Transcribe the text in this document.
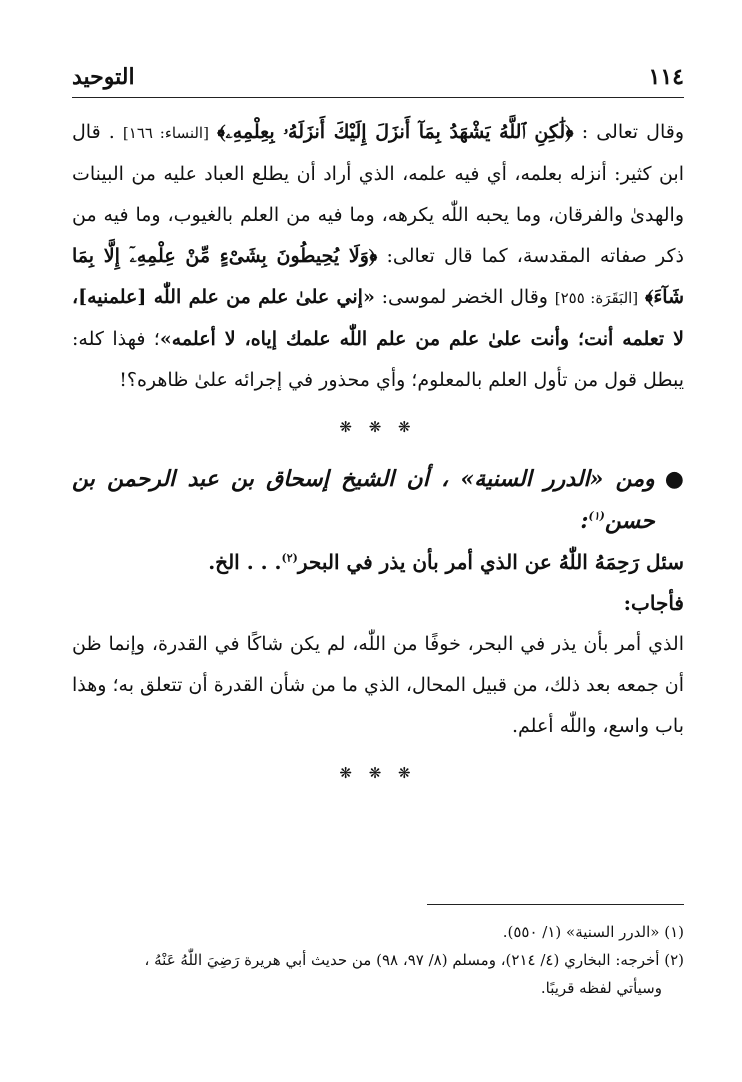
١١٤
التوحيد

وقال تعالى : ﴿لَٰكِنِ ٱللَّهُ يَشْهَدُ بِمَآ أَنزَلَ إِلَيْكَ أَنزَلَهُۥ بِعِلْمِهِۦ﴾ [النساء: ١٦٦] . قال ابن كثير: أنزله بعلمه، أي فيه علمه، الذي أراد أن يطلع العباد عليه من البينات والهدىٰ والفرقان، وما يحبه اللّٰه يكرهه، وما فيه من العلم بالغيوب، وما فيه من ذكر صفاته المقدسة، كما قال تعالى: ﴿وَلَا يُحِيطُونَ بِشَىْءٍ مِّنْ عِلْمِهِۦٓ إِلَّا بِمَا شَآءَ﴾ [البَقَرَة: ٢٥٥] وقال الخضر لموسى: «إني علىٰ علم من علم اللّٰه [علمنيه]، لا تعلمه أنت؛ وأنت علىٰ علم من علم اللّٰه علمك إياه، لا أعلمه»؛ فهذا كله: يبطل قول من تأول العلم بالمعلوم؛ وأي محذور في إجرائه علىٰ ظاهره؟!

❋ ❋ ❋
●
ومن «الدرر السنية» ، أن الشيخ إسحاق بن عبد الرحمن بن حسن$^{(١)}$:

سئل رَحِمَهُ اللّٰهُ عن الذي أمر بأن يذر في البحر$^{(٢)}$. . . الخ.

فأجاب:

الذي أمر بأن يذر في البحر، خوفًا من اللّٰه، لم يكن شاكًا في القدرة، وإنما ظن أن جمعه بعد ذلك، من قبيل المحال، الذي ما من شأن القدرة أن تتعلق به؛ وهذا باب واسع، واللّٰه أعلم.

❋ ❋ ❋

(١) «الدرر السنية» (١/ ٥٥٠).

(٢) أخرجه: البخاري (٤/ ٢١٤)، ومسلم (٨/ ٩٧، ٩٨) من حديث أبي هريرة رَضِيَ اللّٰهُ عَنْهُ ،

وسيأتي لفظه قريبًا.
